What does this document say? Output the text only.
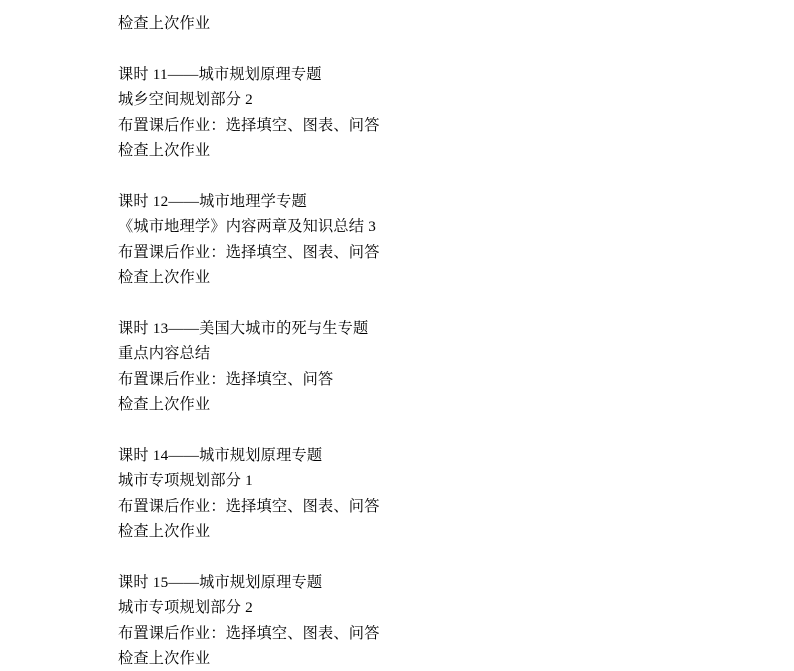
检查上次作业
课时 11——城市规划原理专题
城乡空间规划部分 2
布置课后作业：选择填空、图表、问答
检查上次作业
课时 12——城市地理学专题
《城市地理学》内容两章及知识总结 3
布置课后作业：选择填空、图表、问答
检查上次作业
课时 13——美国大城市的死与生专题
重点内容总结
布置课后作业：选择填空、问答
检查上次作业
课时 14——城市规划原理专题
城市专项规划部分 1
布置课后作业：选择填空、图表、问答
检查上次作业
课时 15——城市规划原理专题
城市专项规划部分 2
布置课后作业：选择填空、图表、问答
检查上次作业
